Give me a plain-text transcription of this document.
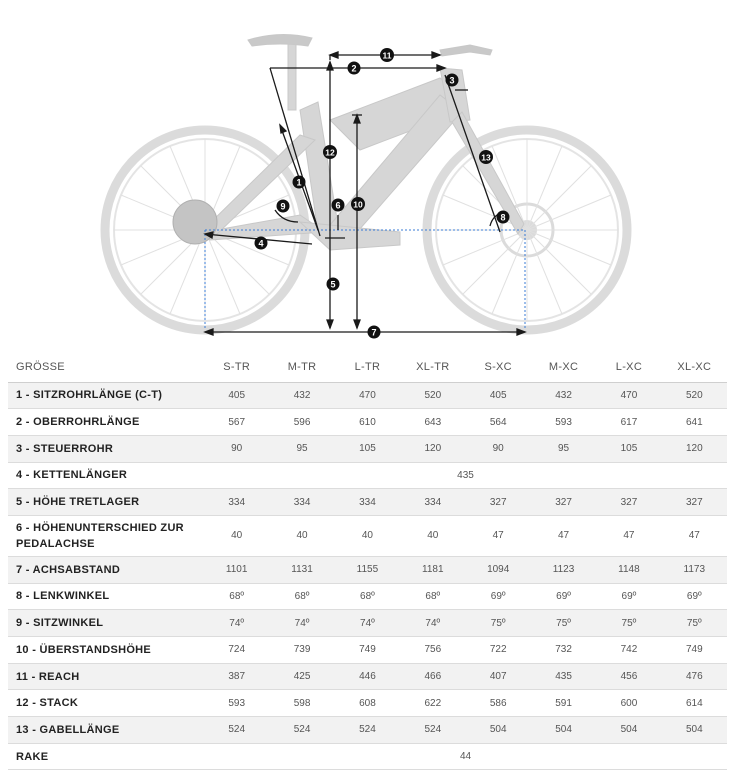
1
2
3
4
5
6
7
8
9	10
11
12	13
GRÖSSE	S-TR	M-TR	L-TR	XL-TR	S-XC	M-XC	L-XC	XL-XC
1 - SITZROHRLÄNGE (C-T)	405	432	470	520	405	432	470	520
2 - OBERROHRLÄNGE	567	596	610	643	564	593	617	641
3 - STEUERROHR	90	95	105	120	90	95	105	120
4 - KETTENLÄNGER	435							
5 - HÖHE TRETLAGER	334	334	334	334	327	327	327	327
6 - HÖHENUNTERSCHIED ZUR
PEDALACHSE	40	40	40	40	47	47	47	47
7 - ACHSABSTAND	1101	1131	1155	1181	1094	1123	1148	1173
8 - LENKWINKEL	68º	68º	68º	68º	69º	69º	69º	69º
9 - SITZWINKEL	74º	74º	74º	74º	75º	75º	75º	75º
10 - ÜBERSTANDSHÖHE	724	739	749	756	722	732	742	749
11 - REACH	387	425	446	466	407	435	456	476
12 - STACK	593	598	608	622	586	591	600	614
13 - GABELLÄNGE	524	524	524	524	504	504	504	504
RAKE	44							
